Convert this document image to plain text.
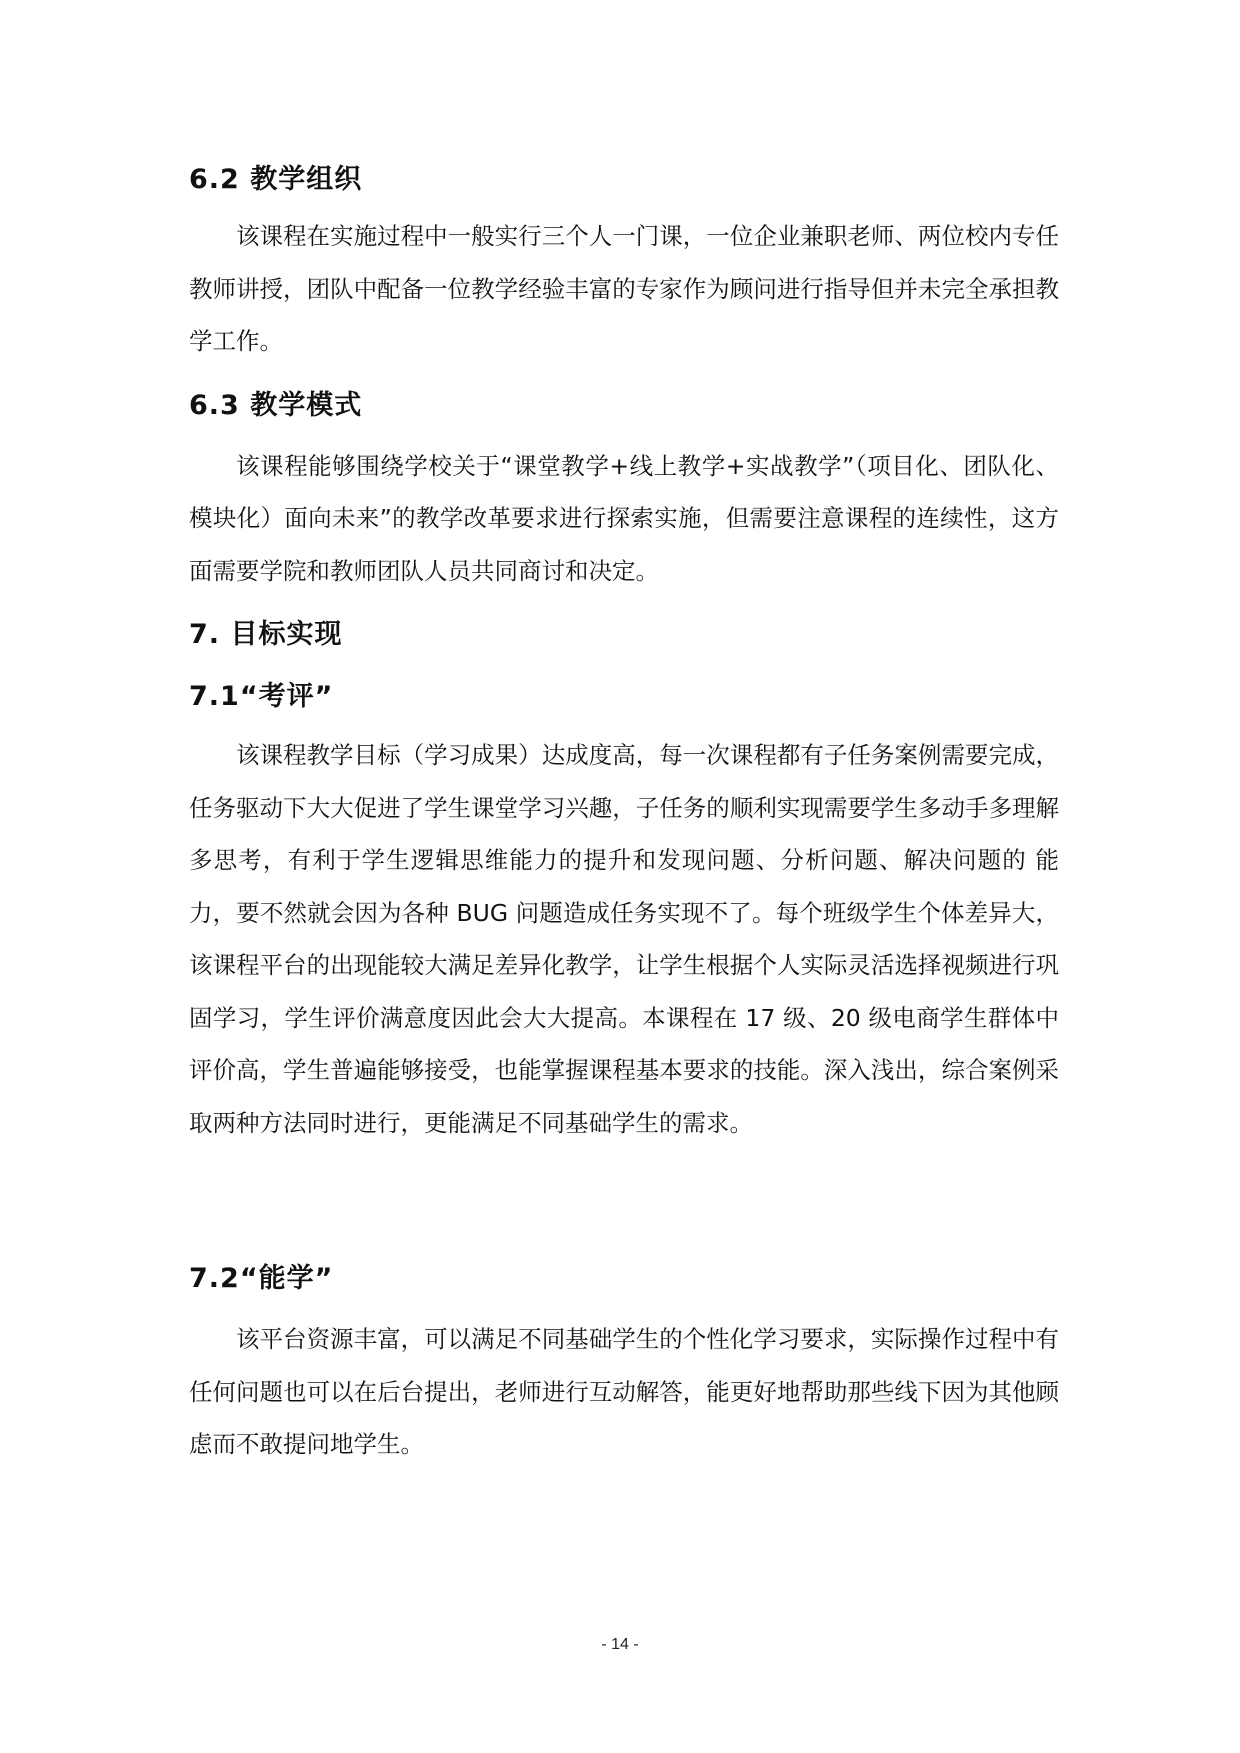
6.2 教学组织

该课程在实施过程中一般实行三个人一门课，一位企业兼职老师、两位校内专任教师讲授，团队中配备一位教学经验丰富的专家作为顾问进行指导但并未完全承担教学工作。

6.3 教学模式

该课程能够围绕学校关于“课堂教学+线上教学+实战教学”（项目化、团队化、模块化）面向未来”的教学改革要求进行探索实施，但需要注意课程的连续性，这方面需要学院和教师团队人员共同商讨和决定。

7. 目标实现
7.1“考评”

该课程教学目标（学习成果）达成度高，每一次课程都有子任务案例需要完成，任务驱动下大大促进了学生课堂学习兴趣，子任务的顺利实现需要学生多动手多理解多思考，有利于学生逻辑思维能力的提升和发现问题、分析问题、解决问题的 能力，要不然就会因为各种 BUG 问题造成任务实现不了。每个班级学生个体差异大，该课程平台的出现能较大满足差异化教学，让学生根据个人实际灵活选择视频进行巩固学习，学生评价满意度因此会大大提高。本课程在 17 级、20 级电商学生群体中评价高，学生普遍能够接受，也能掌握课程基本要求的技能。深入浅出，综合案例采取两种方法同时进行，更能满足不同基础学生的需求。

7.2“能学”

该平台资源丰富，可以满足不同基础学生的个性化学习要求，实际操作过程中有任何问题也可以在后台提出，老师进行互动解答，能更好地帮助那些线下因为其他顾虑而不敢提问地学生。

- 14 -
